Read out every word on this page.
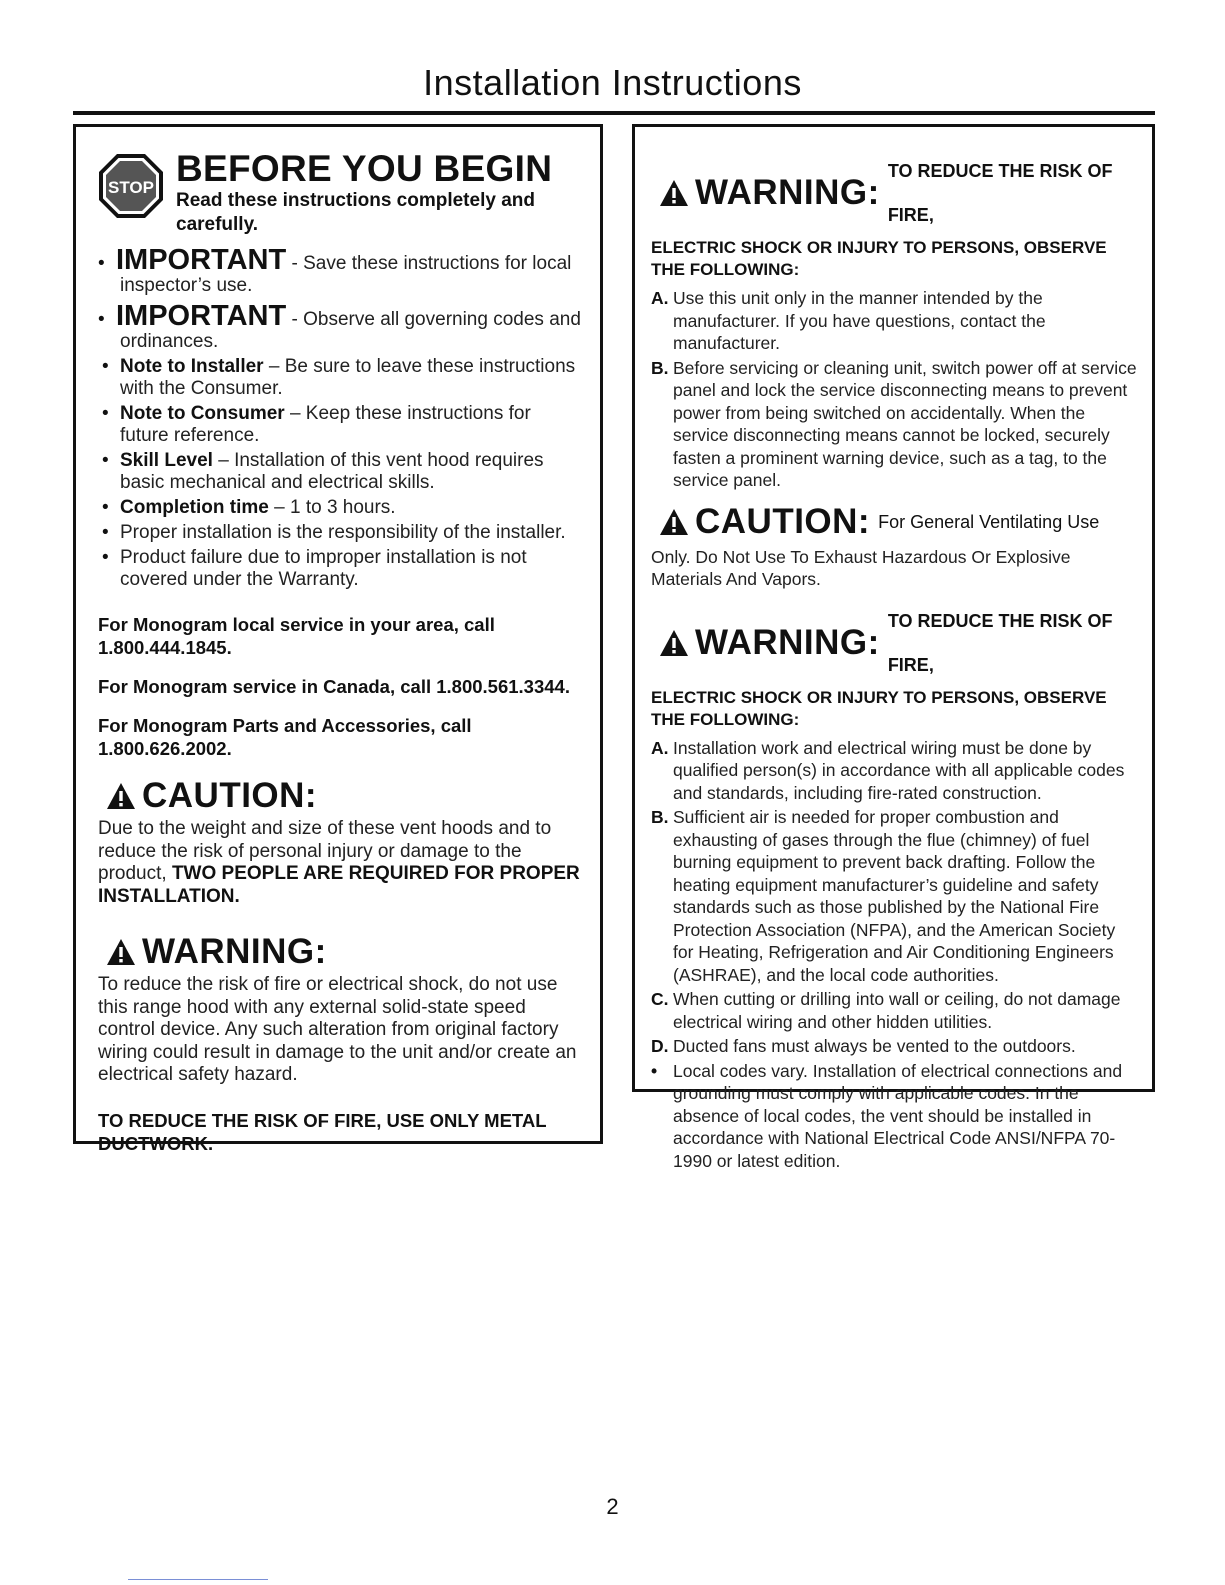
Installation Instructions
STOP BEFORE YOU BEGIN
Read these instructions completely and carefully.
• IMPORTANT - Save these instructions for local inspector’s use.
• IMPORTANT - Observe all governing codes and ordinances.
• Note to Installer – Be sure to leave these instructions with the Consumer.
• Note to Consumer – Keep these instructions for future reference.
• Skill Level – Installation of this vent hood requires basic mechanical and electrical skills.
• Completion time – 1 to 3 hours.
• Proper installation is the responsibility of the installer.
• Product failure due to improper installation is not covered under the Warranty.
For Monogram local service in your area, call 1.800.444.1845.
For Monogram service in Canada, call 1.800.561.3344.
For Monogram Parts and Accessories, call 1.800.626.2002.
CAUTION:
Due to the weight and size of these vent hoods and to reduce the risk of personal injury or damage to the product, TWO PEOPLE ARE REQUIRED FOR PROPER INSTALLATION.
WARNING:
To reduce the risk of fire or electrical shock, do not use this range hood with any external solid-state speed control device. Any such alteration from original factory wiring could result in damage to the unit and/or create an electrical safety hazard.
TO REDUCE THE RISK OF FIRE, USE ONLY METAL DUCTWORK.
WARNING:
TO REDUCE THE RISK OF FIRE,
ELECTRIC SHOCK OR INJURY TO PERSONS, OBSERVE THE FOLLOWING:
A. Use this unit only in the manner intended by the manufacturer. If you have questions, contact the manufacturer.
B. Before servicing or cleaning unit, switch power off at service panel and lock the service disconnecting means to prevent power from being switched on accidentally. When the service disconnecting means cannot be locked, securely fasten a prominent warning device, such as a tag, to the service panel.
CAUTION: For General Ventilating Use
Only. Do Not Use To Exhaust Hazardous Or Explosive Materials And Vapors.
WARNING:
TO REDUCE THE RISK OF FIRE,
ELECTRIC SHOCK OR INJURY TO PERSONS, OBSERVE THE FOLLOWING:
A. Installation work and electrical wiring must be done by qualified person(s) in accordance with all applicable codes and standards, including fire-rated construction.
B. Sufficient air is needed for proper combustion and exhausting of gases through the flue (chimney) of fuel burning equipment to prevent back drafting. Follow the heating equipment manufacturer’s guideline and safety standards such as those published by the National Fire Protection Association (NFPA), and the American Society for Heating, Refrigeration and Air Conditioning Engineers (ASHRAE), and the local code authorities.
C. When cutting or drilling into wall or ceiling, do not damage electrical wiring and other hidden utilities.
D. Ducted fans must always be vented to the outdoors.
• Local codes vary. Installation of electrical connections and grounding must comply with applicable codes. In the absence of local codes, the vent should be installed in accordance with National Electrical Code ANSI/NFPA 70-1990 or latest edition.
2
